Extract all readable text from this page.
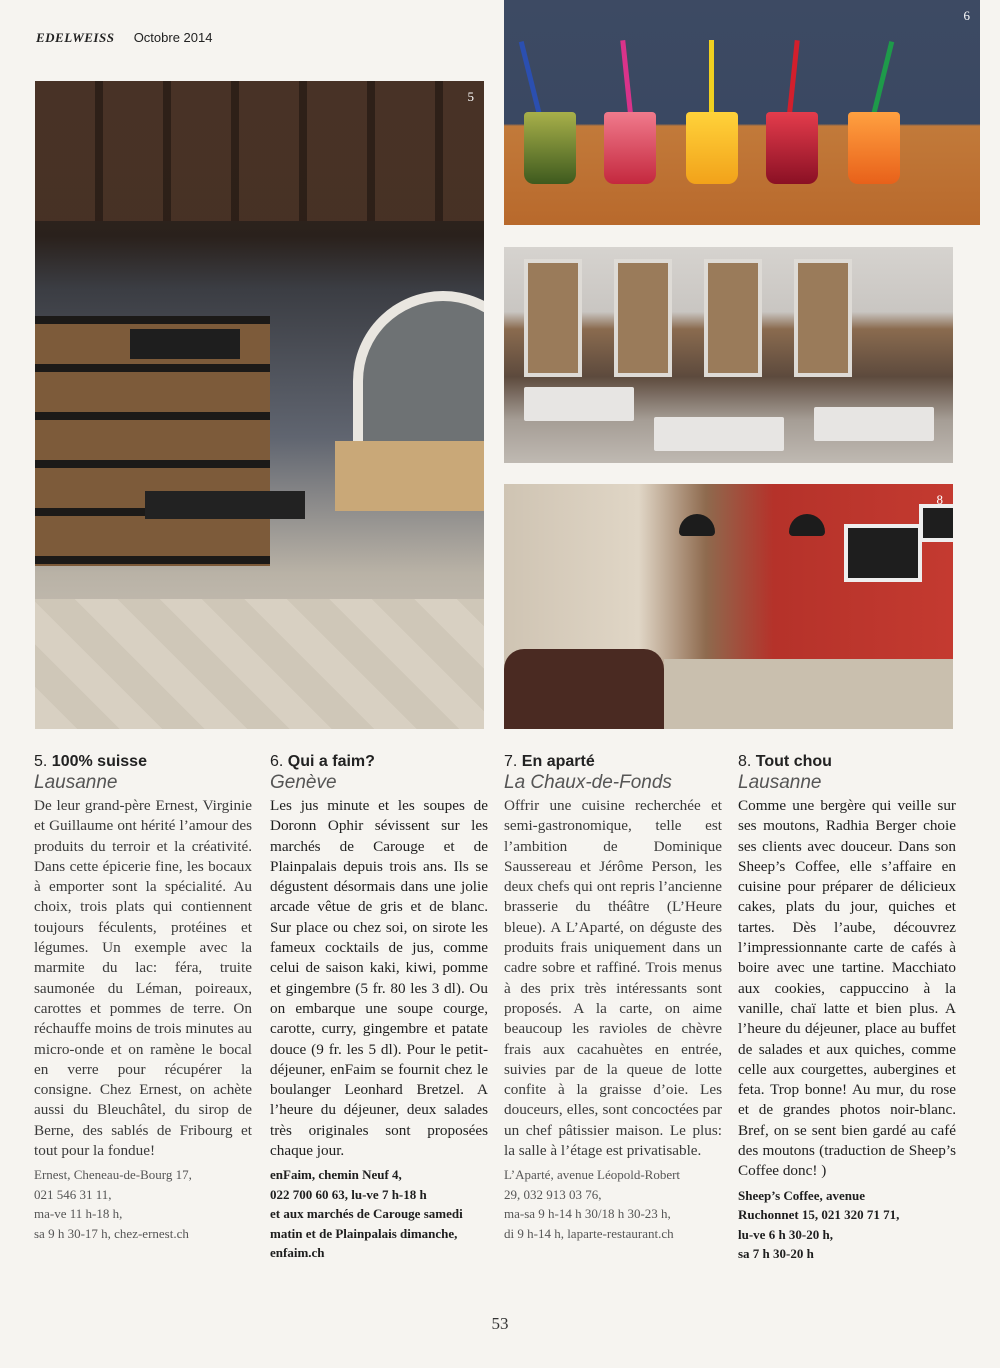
EDELWEISS Octobre 2014
5
6
8
5. 100% suisse
Lausanne
De leur grand-père Ernest, Virginie et Guillaume ont hérité l’amour des produits du terroir et la créativité. Dans cette épicerie fine, les bocaux à emporter sont la spécialité. Au choix, trois plats qui contiennent toujours féculents, protéines et légumes. Un exemple avec la marmite du lac: féra, truite saumonée du Léman, poireaux, carottes et pommes de terre. On réchauffe moins de trois minutes au micro-onde et on ramène le bocal en verre pour récupérer la consigne. Chez Ernest, on achète aussi du Bleuchâtel, du sirop de Berne, des sablés de Fribourg et tout pour la fondue!
Ernest, Cheneau-de-Bourg 17,
021 546 31 11,
ma-ve 11 h-18 h,
sa 9 h 30-17 h, chez-ernest.ch
6. Qui a faim?
Genève
Les jus minute et les soupes de Doronn Ophir sévissent sur les marchés de Carouge et de Plainpalais depuis trois ans. Ils se dégustent désormais dans une jolie arcade vêtue de gris et de blanc. Sur place ou chez soi, on sirote les fameux cocktails de jus, comme celui de saison kaki, kiwi, pomme et gingembre (5 fr. 80 les 3 dl). Ou on embarque une soupe courge, carotte, curry, gingembre et patate douce (9 fr. les 5 dl). Pour le petit-déjeuner, enFaim se fournit chez le boulanger Leonhard Bretzel. A l’heure du déjeuner, deux salades très originales sont proposées chaque jour.
enFaim, chemin Neuf 4,
022 700 60 63, lu-ve 7 h-18 h
et aux marchés de Carouge samedi
matin et de Plainpalais dimanche,
enfaim.ch
7. En aparté
La Chaux-de-Fonds
Offrir une cuisine recherchée et semi-gastronomique, telle est l’ambition de Dominique Saussereau et Jérôme Person, les deux chefs qui ont repris l’ancienne brasserie du théâtre (L’Heure bleue). A L’Aparté, on déguste des produits frais uniquement dans un cadre sobre et raffiné. Trois menus à des prix très intéressants sont proposés. A la carte, on aime beaucoup les ravioles de chèvre frais aux cacahuètes en entrée, suivies par de la queue de lotte confite à la graisse d’oie. Les douceurs, elles, sont concoctées par un chef pâtissier maison. Le plus: la salle à l’étage est privatisable.
L’Aparté, avenue Léopold-Robert
29, 032 913 03 76,
ma-sa 9 h-14 h 30/18 h 30-23 h,
di 9 h-14 h, laparte-restaurant.ch
8. Tout chou
Lausanne
Comme une bergère qui veille sur ses moutons, Radhia Berger choie ses clients avec douceur. Dans son Sheep’s Coffee, elle s’affaire en cuisine pour préparer de délicieux cakes, plats du jour, quiches et tartes. Dès l’aube, découvrez l’impressionnante carte de cafés à boire avec une tartine. Macchiato aux cookies, cappuccino à la vanille, chaï latte et bien plus. A l’heure du déjeuner, place au buffet de salades et aux quiches, comme celle aux courgettes, aubergines et feta. Trop bonne! Au mur, du rose et de grandes photos noir-blanc. Bref, on se sent bien gardé au café des moutons (traduction de Sheep’s Coffee donc! )
Sheep’s Coffee, avenue
Ruchonnet 15, 021 320 71 71,
lu-ve 6 h 30-20 h,
sa 7 h 30-20 h
53
